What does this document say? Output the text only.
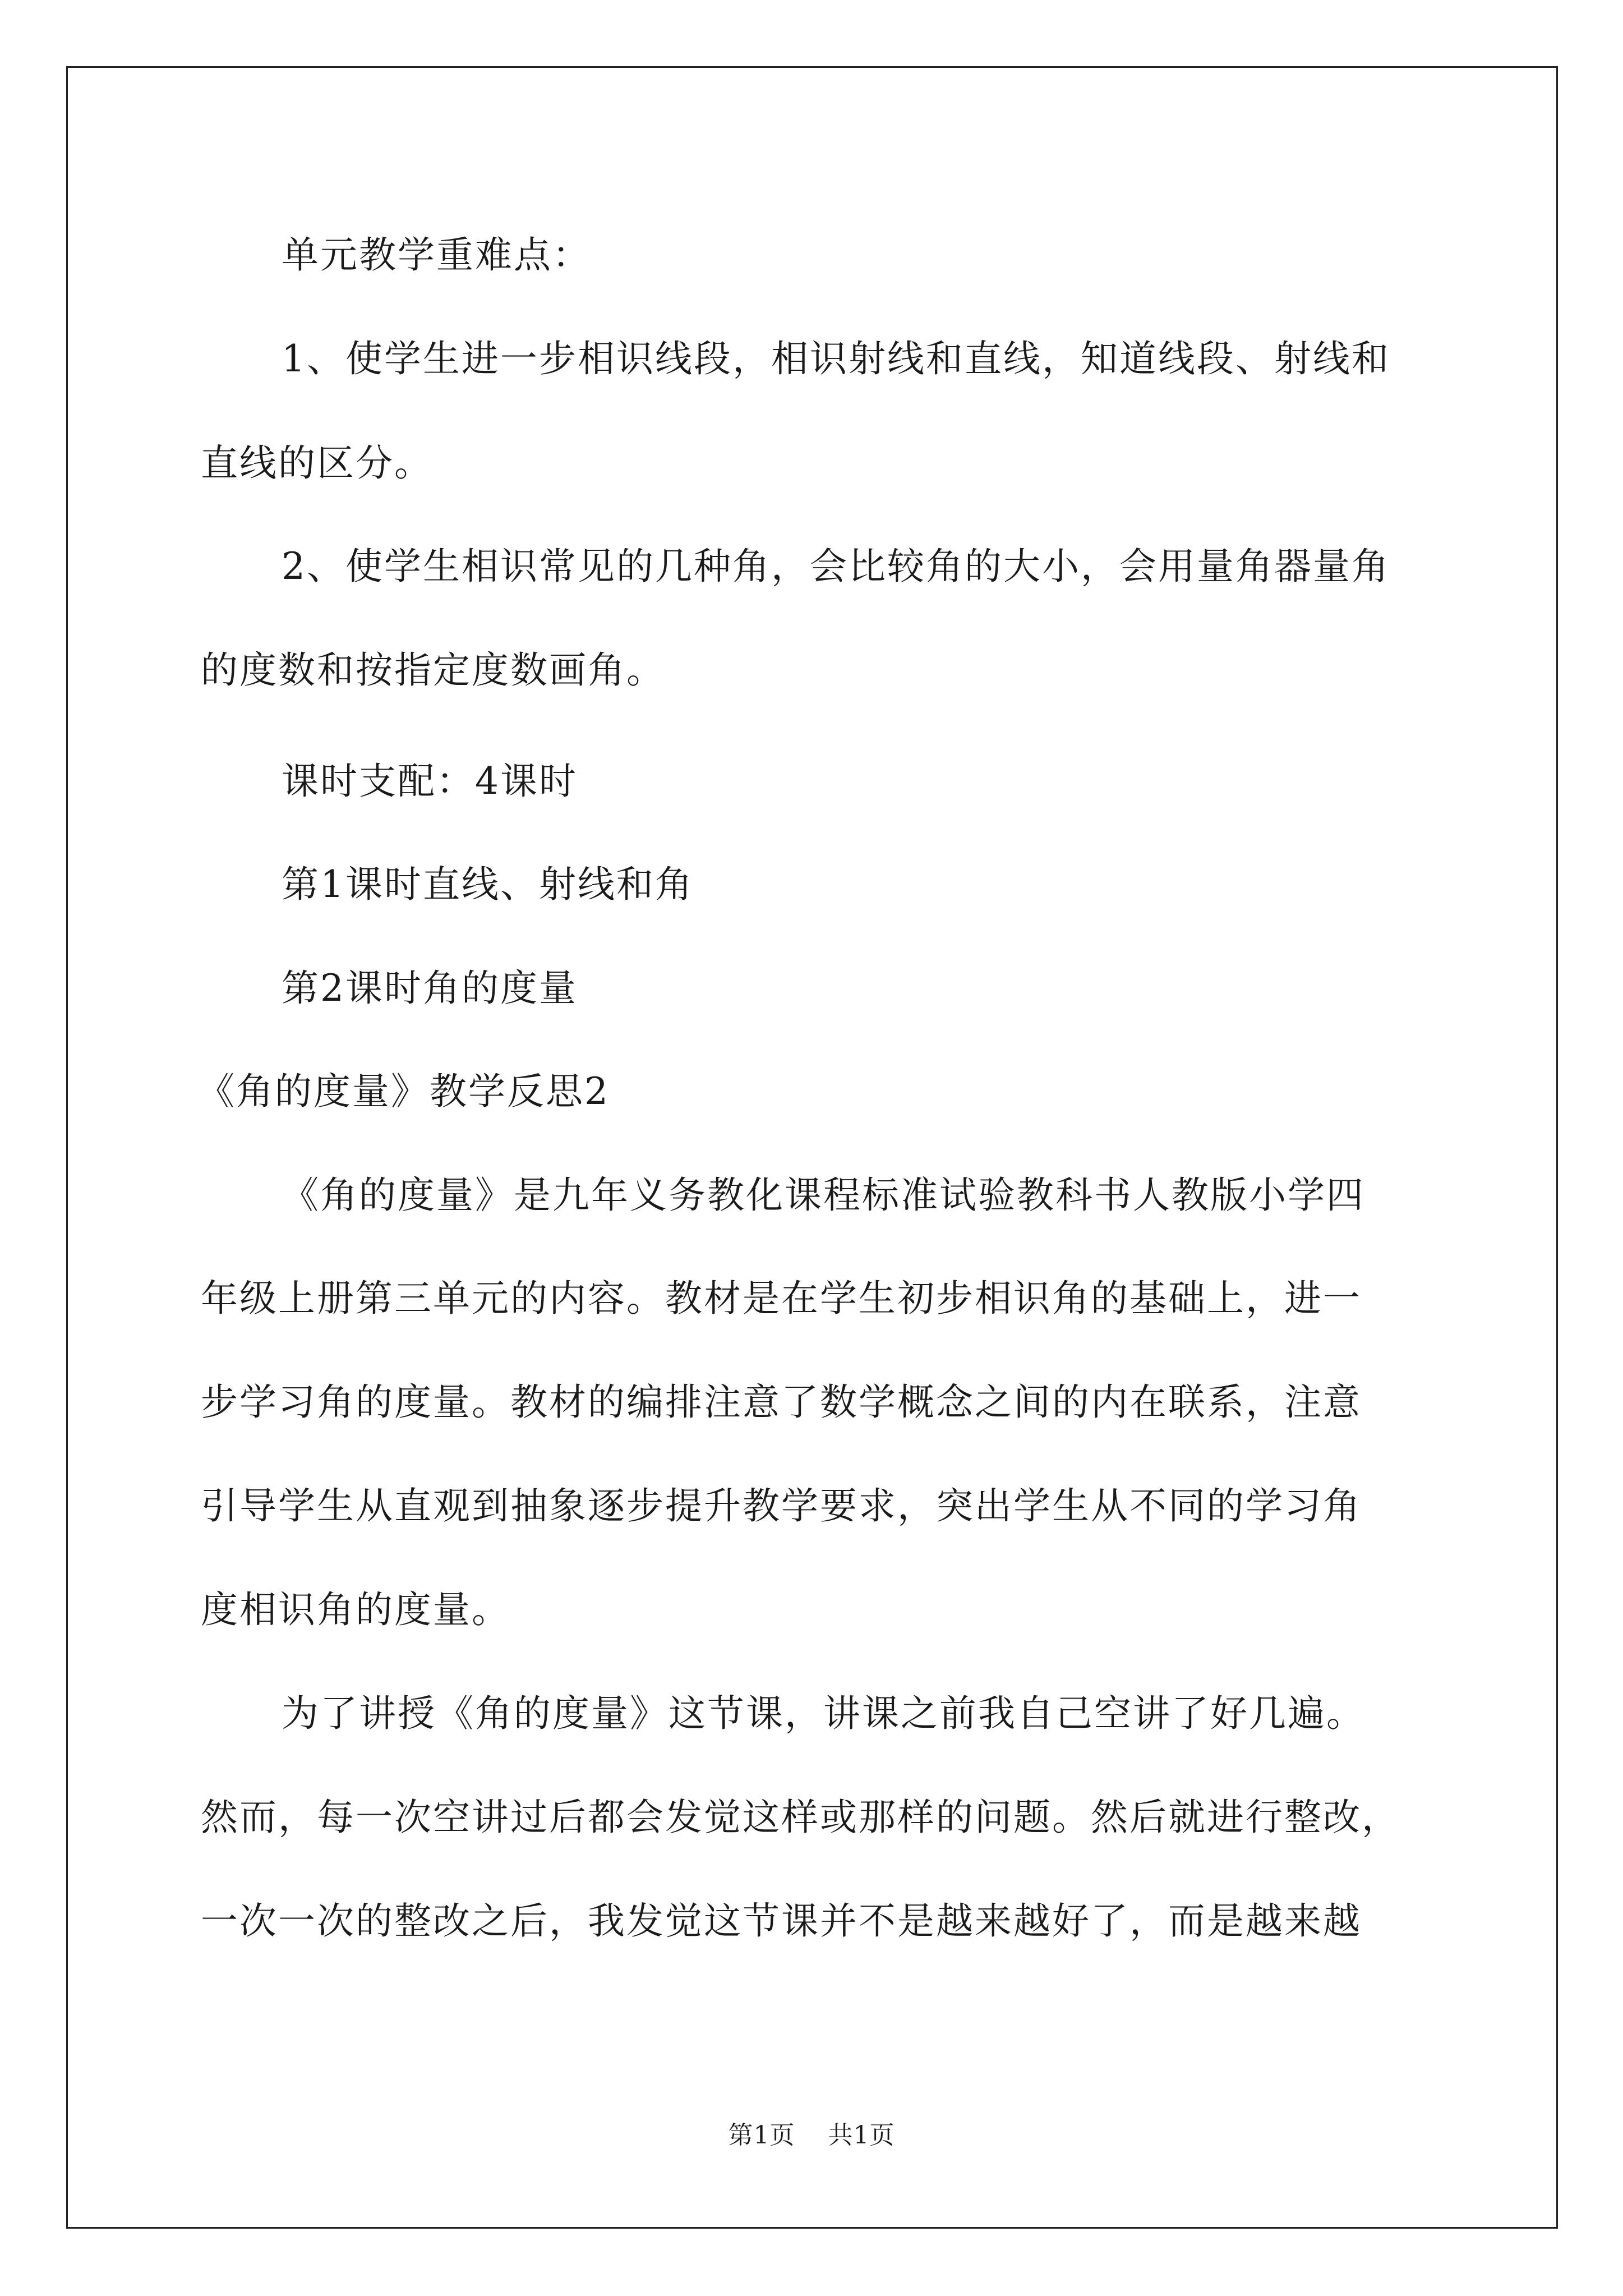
单元教学重难点：
1、使学生进一步相识线段，相识射线和直线，知道线段、射线和
直线的区分。
2、使学生相识常见的几种角，会比较角的大小，会用量角器量角
的度数和按指定度数画角。
课时支配：4课时
第1课时直线、射线和角
第2课时角的度量
《角的度量》教学反思2
《角的度量》是九年义务教化课程标准试验教科书人教版小学四
年级上册第三单元的内容。教材是在学生初步相识角的基础上，进一
步学习角的度量。教材的编排注意了数学概念之间的内在联系，注意
引导学生从直观到抽象逐步提升教学要求，突出学生从不同的学习角
度相识角的度量。
为了讲授《角的度量》这节课，讲课之前我自己空讲了好几遍。
然而，每一次空讲过后都会发觉这样或那样的问题。然后就进行整改，
一次一次的整改之后，我发觉这节课并不是越来越好了，而是越来越
第1页 共1页
